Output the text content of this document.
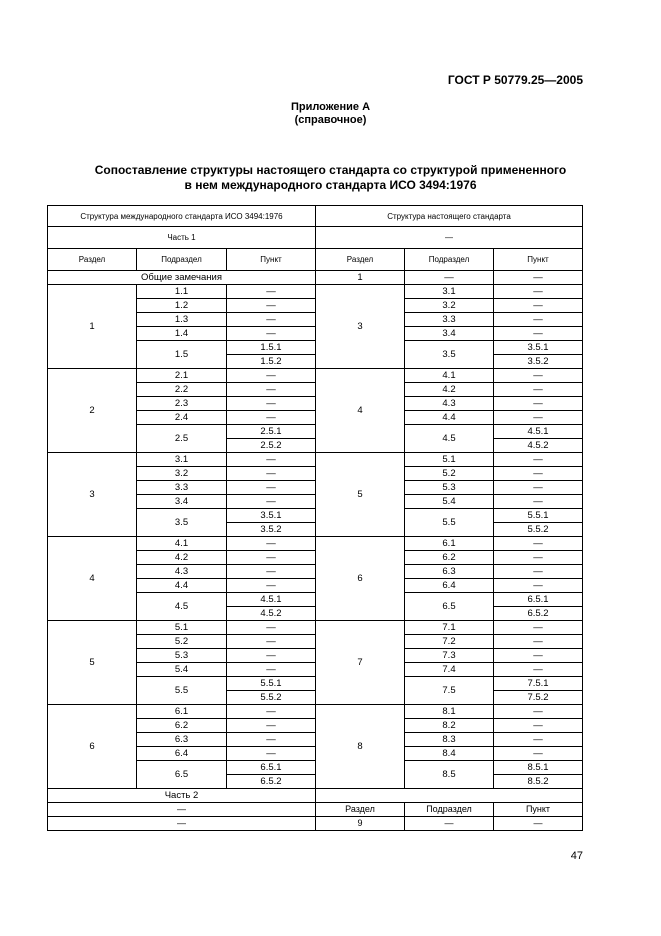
ГОСТ Р 50779.25—2005
Приложение А
(справочное)
Сопоставление структуры настоящего стандарта со структурой примененного
в нем международного стандарта ИСО 3494:1976
Структура международного стандарта ИСО 3494:1976			Структура настоящего стандарта		
Часть 1			—		
Раздел	Подраздел	Пункт	Раздел	Подраздел	Пункт
Общие замечания			1	—	—
1	1.1	—	3	3.1	—
	1.2	—		3.2	—
	1.3	—		3.3	—
	1.4	—		3.4	—
	1.5	1.5.1		3.5	3.5.1
		1.5.2			3.5.2
2	2.1	—	4	4.1	—
	2.2	—		4.2	—
	2.3	—		4.3	—
	2.4	—		4.4	—
	2.5	2.5.1		4.5	4.5.1
		2.5.2			4.5.2
3	3.1	—	5	5.1	—
	3.2	—		5.2	—
	3.3	—		5.3	—
	3.4	—		5.4	—
	3.5	3.5.1		5.5	5.5.1
		3.5.2			5.5.2
4	4.1	—	6	6.1	—
	4.2	—		6.2	—
	4.3	—		6.3	—
	4.4	—		6.4	—
	4.5	4.5.1		6.5	6.5.1
		4.5.2			6.5.2
5	5.1	—	7	7.1	—
	5.2	—		7.2	—
	5.3	—		7.3	—
	5.4	—		7.4	—
	5.5	5.5.1		7.5	7.5.1
		5.5.2			7.5.2
6	6.1	—	8	8.1	—
	6.2	—		8.2	—
	6.3	—		8.3	—
	6.4	—		8.4	—
	6.5	6.5.1		8.5	8.5.1
		6.5.2			8.5.2
Часть 2					
—			Раздел	Подраздел	Пункт
—			9	—	—
47
